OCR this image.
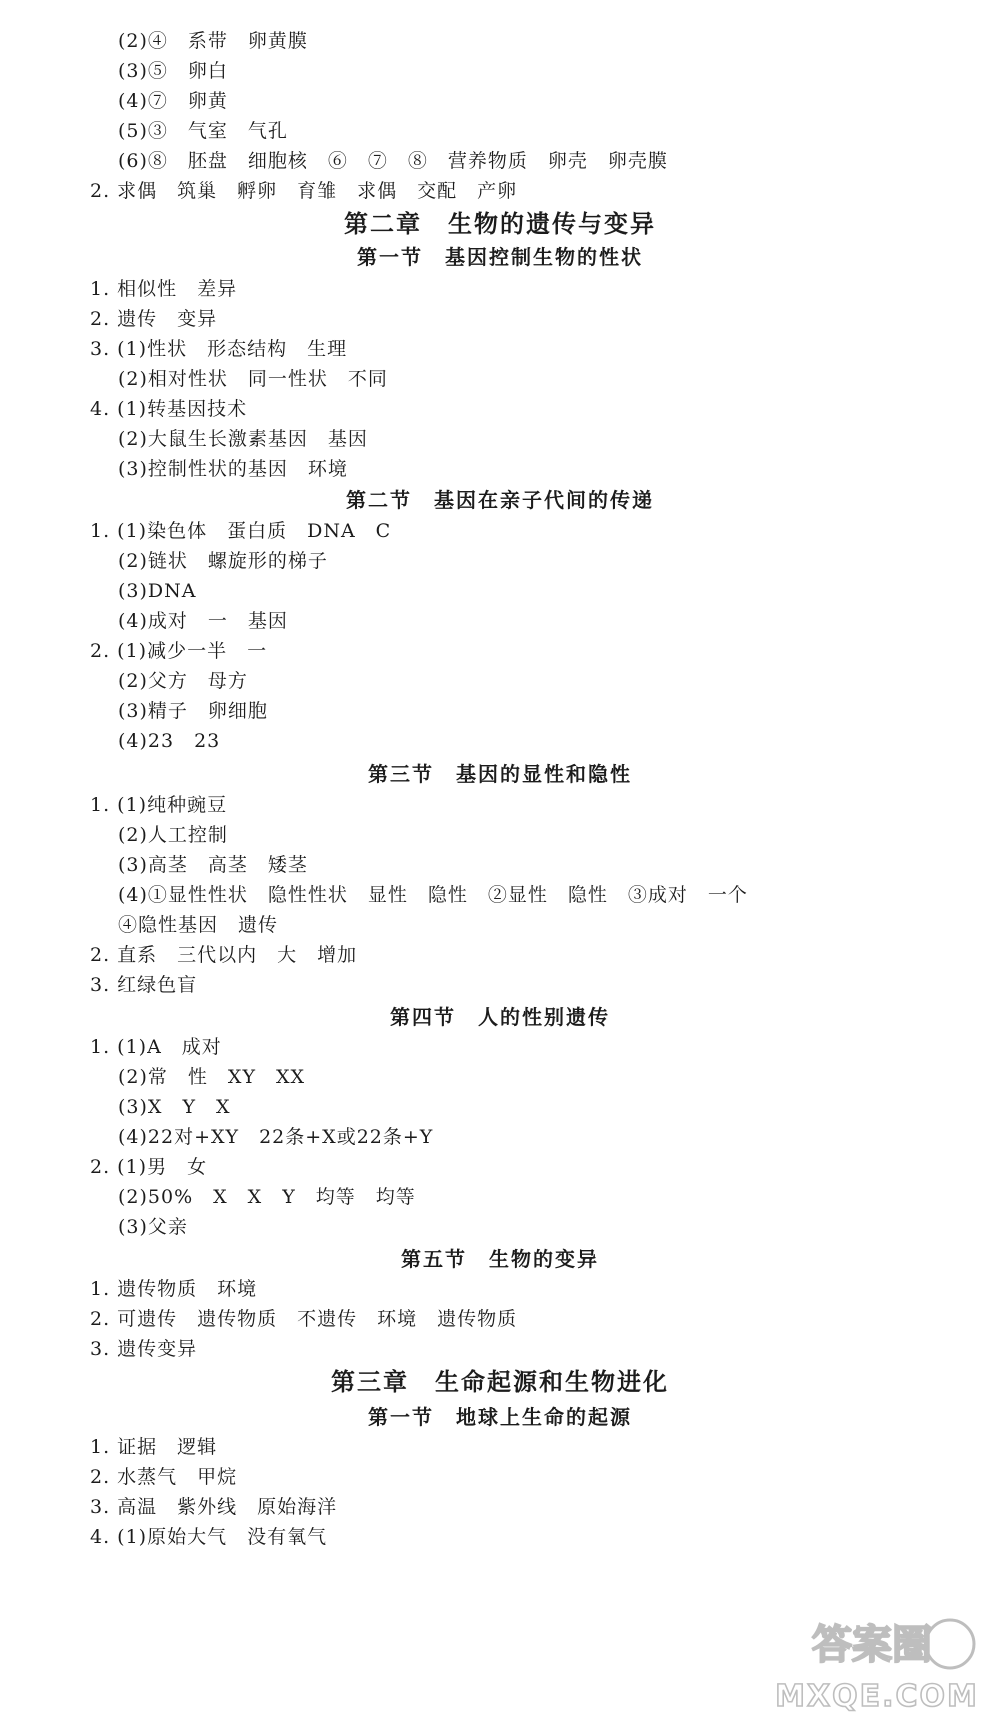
(2)④　系带　卵黄膜
(3)⑤　卵白
(4)⑦　卵黄
(5)③　气室　气孔
(6)⑧　胚盘　细胞核　⑥　⑦　⑧　营养物质　卵壳　卵壳膜
2. 求偶　筑巢　孵卵　育雏　求偶　交配　产卵
第二章　生物的遗传与变异
第一节　基因控制生物的性状
1. 相似性　差异
2. 遗传　变异
3. (1)性状　形态结构　生理
(2)相对性状　同一性状　不同
4. (1)转基因技术
(2)大鼠生长激素基因　基因
(3)控制性状的基因　环境
第二节　基因在亲子代间的传递
1. (1)染色体　蛋白质　DNA　C
(2)链状　螺旋形的梯子
(3)DNA
(4)成对　一　基因
2. (1)减少一半　一
(2)父方　母方
(3)精子　卵细胞
(4)23　23
第三节　基因的显性和隐性
1. (1)纯种豌豆
(2)人工控制
(3)高茎　高茎　矮茎
(4)①显性性状　隐性性状　显性　隐性　②显性　隐性　③成对　一个
④隐性基因　遗传
2. 直系　三代以内　大　增加
3. 红绿色盲
第四节　人的性别遗传
1. (1)A　成对
(2)常　性　XY　XX
(3)X　Y　X
(4)22对+XY　22条+X或22条+Y
2. (1)男　女
(2)50%　X　X　Y　均等　均等
(3)父亲
第五节　生物的变异
1. 遗传物质　环境
2. 可遗传　遗传物质　不遗传　环境　遗传物质
3. 遗传变异
第三章　生命起源和生物进化
第一节　地球上生命的起源
1. 证据　逻辑
2. 水蒸气　甲烷
3. 高温　紫外线　原始海洋
4. (1)原始大气　没有氧气
答案圈
MXQE.COM
